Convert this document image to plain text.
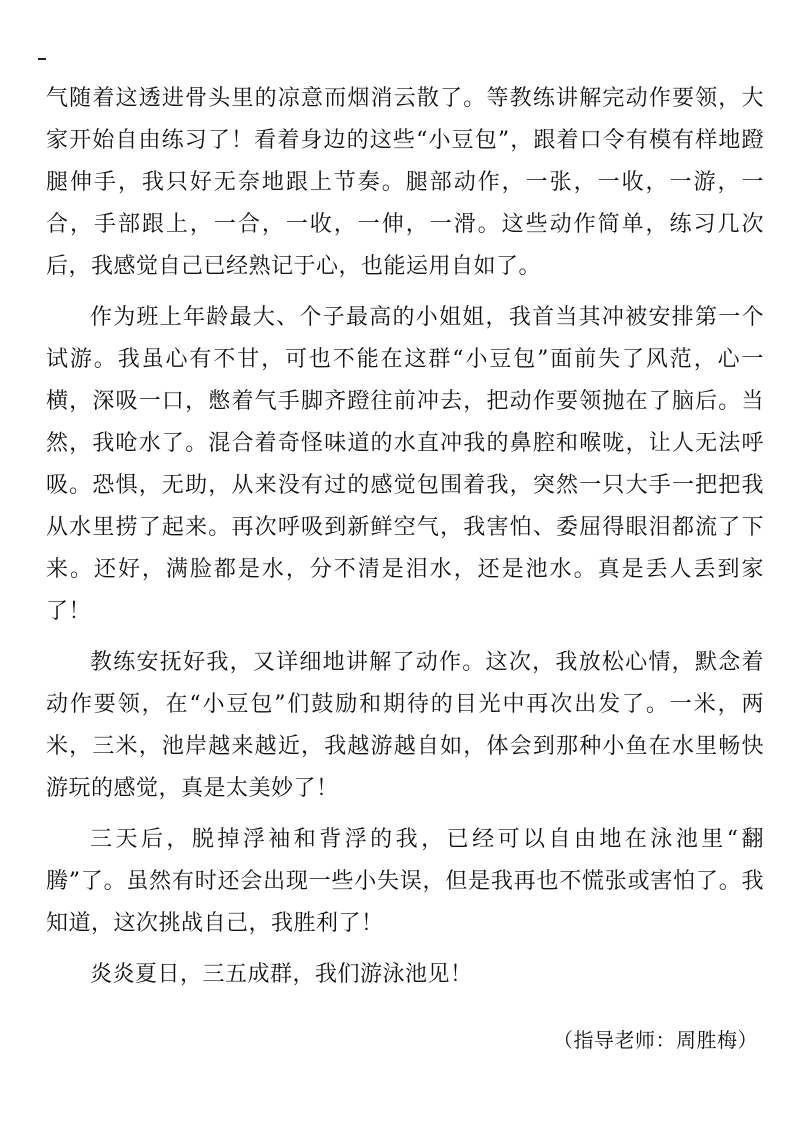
气随着这透进骨头里的凉意而烟消云散了。等教练讲解完动作要领，大家开始自由练习了！看着身边的这些“小豆包”，跟着口令有模有样地蹬腿伸手，我只好无奈地跟上节奏。腿部动作，一张，一收，一游，一合，手部跟上，一合，一收，一伸，一滑。这些动作简单，练习几次后，我感觉自己已经熟记于心，也能运用自如了。

作为班上年龄最大、个子最高的小姐姐，我首当其冲被安排第一个试游。我虽心有不甘，可也不能在这群“小豆包”面前失了风范，心一横，深吸一口，憋着气手脚齐蹬往前冲去，把动作要领抛在了脑后。当然，我呛水了。混合着奇怪味道的水直冲我的鼻腔和喉咙，让人无法呼吸。恐惧，无助，从来没有过的感觉包围着我，突然一只大手一把把我从水里捞了起来。再次呼吸到新鲜空气，我害怕、委屈得眼泪都流了下来。还好，满脸都是水，分不清是泪水，还是池水。真是丢人丢到家了！

教练安抚好我，又详细地讲解了动作。这次，我放松心情，默念着动作要领，在“小豆包”们鼓励和期待的目光中再次出发了。一米，两米，三米，池岸越来越近，我越游越自如，体会到那种小鱼在水里畅快游玩的感觉，真是太美妙了！

三天后，脱掉浮袖和背浮的我，已经可以自由地在泳池里“翻腾”了。虽然有时还会出现一些小失误，但是我再也不慌张或害怕了。我知道，这次挑战自己，我胜利了！

炎炎夏日，三五成群，我们游泳池见！

（指导老师：周胜梅）
